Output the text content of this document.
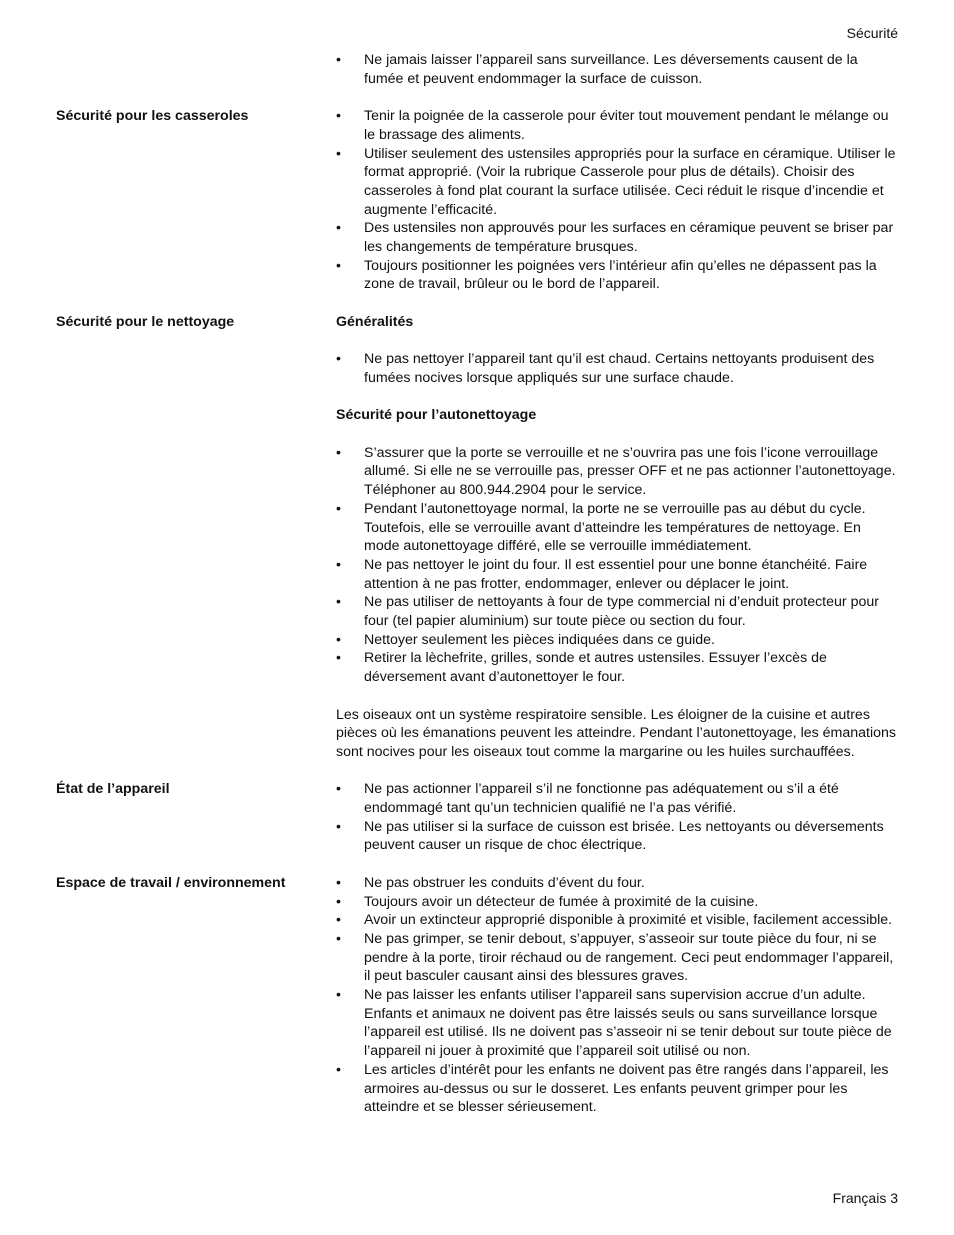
Sécurité
• Ne jamais laisser l’appareil sans surveillance. Les déversements causent de la fumée et peuvent endommager la surface de cuisson.
Sécurité pour les casseroles	• Tenir la poignée de la casserole pour éviter tout mouvement pendant le mélange ou le brassage des aliments.
• Utiliser seulement des ustensiles appropriés pour la surface en céramique. Utiliser le format approprié. (Voir la rubrique Casserole pour plus de détails). Choisir des casseroles à fond plat courant la surface utilisée. Ceci réduit le risque d’incendie et augmente l’efficacité.
• Des ustensiles non approuvés pour les surfaces en céramique peuvent se briser par les changements de température brusques.
• Toujours positionner les poignées vers l’intérieur afin qu’elles ne dépassent pas la zone de travail, brûleur ou le bord de l’appareil.
Sécurité pour le nettoyage	Généralités
• Ne pas nettoyer l’appareil tant qu’il est chaud. Certains nettoyants produisent des fumées nocives lorsque appliqués sur une surface chaude.
Sécurité pour l’autonettoyage
• S’assurer que la porte se verrouille et ne s’ouvrira pas une fois l’icone verrouillage allumé. Si elle ne se verrouille pas, presser OFF et ne pas actionner l’autonettoyage. Téléphoner au 800.944.2904 pour le service.
• Pendant l’autonettoyage normal, la porte ne se verrouille pas au début du cycle. Toutefois, elle se verrouille avant d’atteindre les températures de nettoyage. En mode autonettoyage différé, elle se verrouille immédiatement.
• Ne pas nettoyer le joint du four. Il est essentiel pour une bonne étanchéité. Faire attention à ne pas frotter, endommager, enlever ou déplacer le joint.
• Ne pas utiliser de nettoyants à four de type commercial ni d’enduit protecteur pour four (tel papier aluminium) sur toute pièce ou section du four.
• Nettoyer seulement les pièces indiquées dans ce guide.
• Retirer la lèchefrite, grilles, sonde et autres ustensiles. Essuyer l’excès de déversement avant d’autonettoyer le four.

Les oiseaux ont un système respiratoire sensible. Les éloigner de la cuisine et autres pièces où les émanations peuvent les atteindre. Pendant l’autonettoyage, les émanations sont nocives pour les oiseaux tout comme la margarine ou les huiles surchauffées.

État de l’appareil	• Ne pas actionner l’appareil s’il ne fonctionne pas adéquatement ou s’il a été endommagé tant qu’un technicien qualifié ne l’a pas vérifié.
• Ne pas utiliser si la surface de cuisson est brisée. Les nettoyants ou déversements peuvent causer un risque de choc électrique.
Espace de travail / environnement	• Ne pas obstruer les conduits d’évent du four.
• Toujours avoir un détecteur de fumée à proximité de la cuisine.
• Avoir un extincteur approprié disponible à proximité et visible, facilement accessible.
• Ne pas grimper, se tenir debout, s’appuyer, s’asseoir sur toute pièce du four, ni se pendre à la porte, tiroir réchaud ou de rangement. Ceci peut endommager l’appareil, il peut basculer causant ainsi des blessures graves.
• Ne pas laisser les enfants utiliser l’appareil sans supervision accrue d’un adulte. Enfants et animaux ne doivent pas être laissés seuls ou sans surveillance lorsque l’appareil est utilisé. Ils ne doivent pas s’asseoir ni se tenir debout sur toute pièce de l’appareil ni jouer à proximité que l’appareil soit utilisé ou non.
• Les articles d’intérêt pour les enfants ne doivent pas être rangés dans l’appareil, les armoires au-dessus ou sur le dosseret. Les enfants peuvent grimper pour les atteindre et se blesser sérieusement.
Français 3
